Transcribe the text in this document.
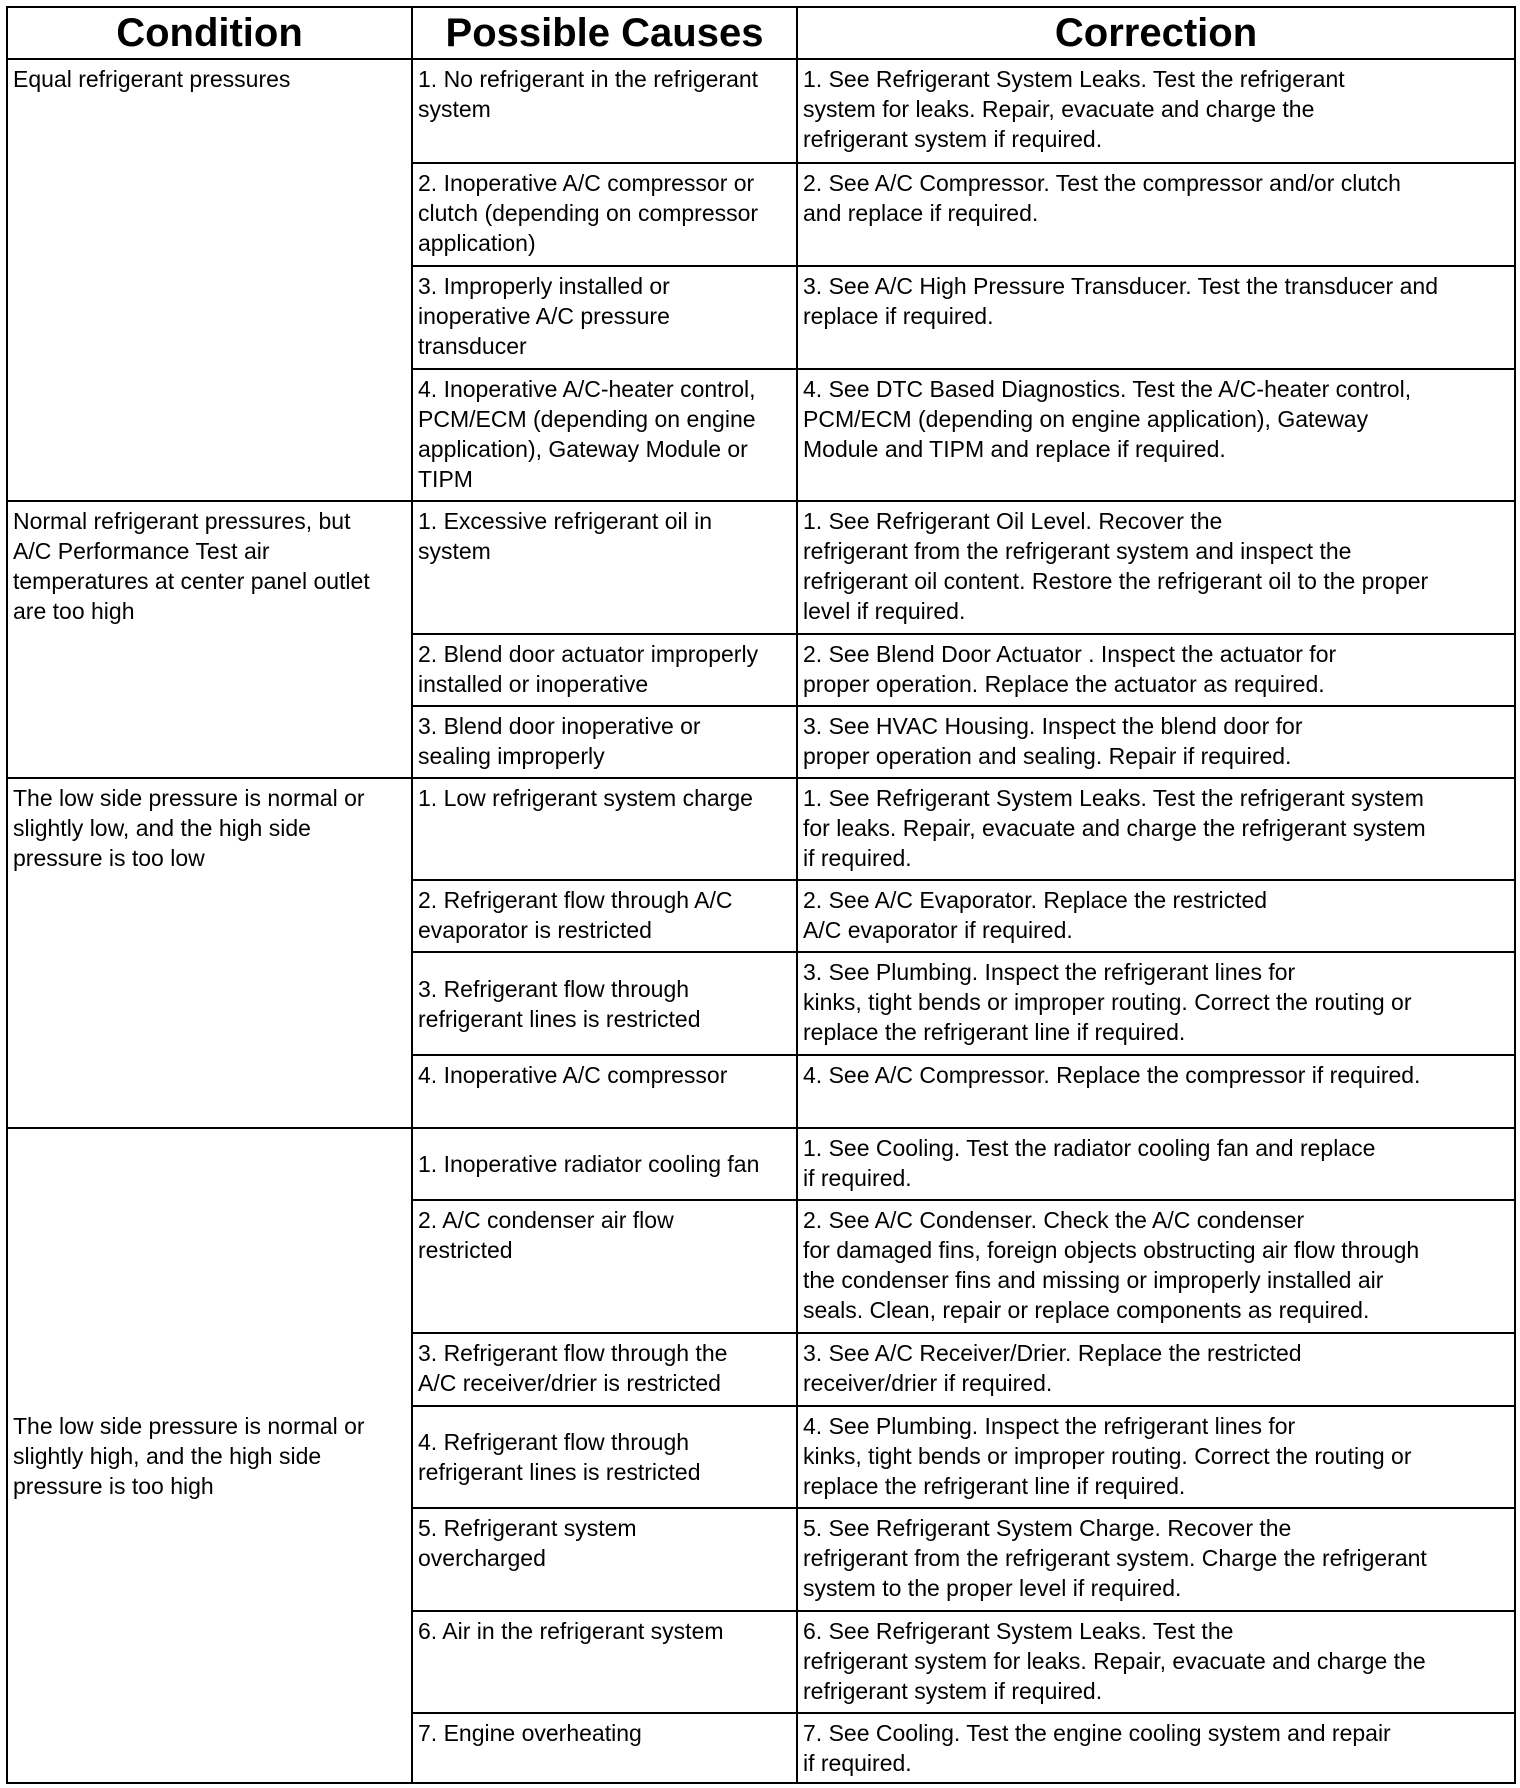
Condition	Possible Causes	Correction
Equal refrigerant pressures	1. No refrigerant in the refrigerant
system	1. See Refrigerant System Leaks. Test the refrigerant
system for leaks. Repair, evacuate and charge the
refrigerant system if required.
	2. Inoperative A/C compressor or
clutch (depending on compressor
application)	2. See A/C Compressor. Test the compressor and/or clutch
and replace if required.
	3. Improperly installed or
inoperative A/C pressure
transducer	3. See A/C High Pressure Transducer. Test the transducer and
replace if required.
	4. Inoperative A/C-heater control,
PCM/ECM (depending on engine
application), Gateway Module or
TIPM	4. See DTC Based Diagnostics. Test the A/C-heater control,
PCM/ECM (depending on engine application), Gateway
Module and TIPM and replace if required.
Normal refrigerant pressures, but
A/C Performance Test air
temperatures at center panel outlet
are too high	1. Excessive refrigerant oil in
system	1. See Refrigerant Oil Level. Recover the
refrigerant from the refrigerant system and inspect the
refrigerant oil content. Restore the refrigerant oil to the proper
level if required.
	2. Blend door actuator improperly
installed or inoperative	2. See Blend Door Actuator . Inspect the actuator for
proper operation. Replace the actuator as required.
	3. Blend door inoperative or
sealing improperly	3. See HVAC Housing. Inspect the blend door for
proper operation and sealing. Repair if required.
The low side pressure is normal or
slightly low, and the high side
pressure is too low	1. Low refrigerant system charge	1. See Refrigerant System Leaks. Test the refrigerant system
for leaks. Repair, evacuate and charge the refrigerant system
if required.
	2. Refrigerant flow through A/C
evaporator is restricted	2. See A/C Evaporator. Replace the restricted
A/C evaporator if required.
	3. Refrigerant flow through
refrigerant lines is restricted	3. See Plumbing. Inspect the refrigerant lines for
kinks, tight bends or improper routing. Correct the routing or
replace the refrigerant line if required.
	4. Inoperative A/C compressor	4. See A/C Compressor. Replace the compressor if required.
The low side pressure is normal or
slightly high, and the high side
pressure is too high	1. Inoperative radiator cooling fan	1. See Cooling. Test the radiator cooling fan and replace
if required.
	2. A/C condenser air flow
restricted	2. See A/C Condenser. Check the A/C condenser
for damaged fins, foreign objects obstructing air flow through
the condenser fins and missing or improperly installed air
seals. Clean, repair or replace components as required.
	3. Refrigerant flow through the
A/C receiver/drier is restricted	3. See A/C Receiver/Drier. Replace the restricted
receiver/drier if required.
	4. Refrigerant flow through
refrigerant lines is restricted	4. See Plumbing. Inspect the refrigerant lines for
kinks, tight bends or improper routing. Correct the routing or
replace the refrigerant line if required.
	5. Refrigerant system
overcharged	5. See Refrigerant System Charge. Recover the
refrigerant from the refrigerant system. Charge the refrigerant
system to the proper level if required.
	6. Air in the refrigerant system	6. See Refrigerant System Leaks. Test the
refrigerant system for leaks. Repair, evacuate and charge the
refrigerant system if required.
	7. Engine overheating	7. See Cooling. Test the engine cooling system and repair
if required.
